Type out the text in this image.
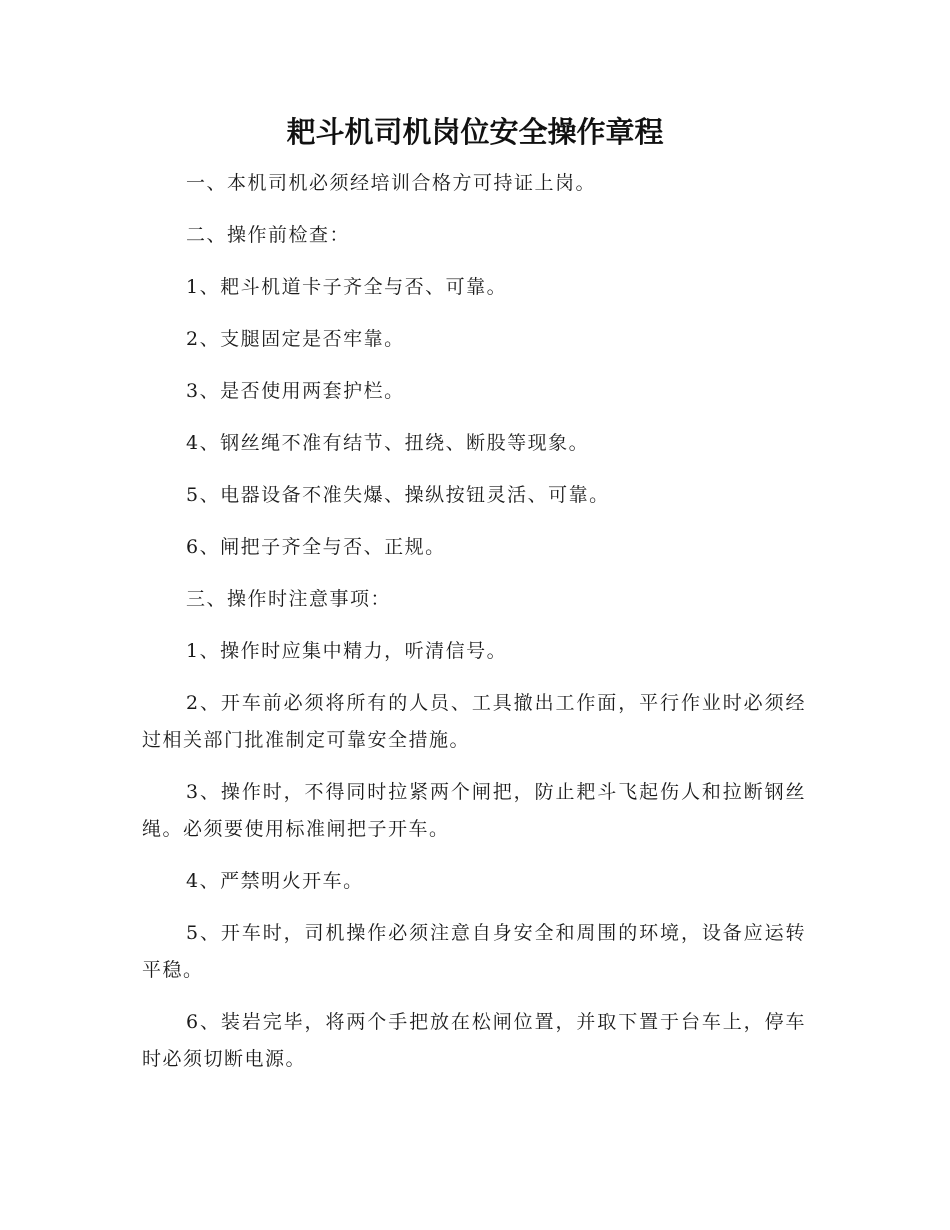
耙斗机司机岗位安全操作章程

一、本机司机必须经培训合格方可持证上岗。

二、操作前检查：

1、耙斗机道卡子齐全与否、可靠。

2、支腿固定是否牢靠。

3、是否使用两套护栏。

4、钢丝绳不准有结节、扭绕、断股等现象。

5、电器设备不准失爆、操纵按钮灵活、可靠。

6、闸把子齐全与否、正规。

三、操作时注意事项：

1、操作时应集中精力，听清信号。

2、开车前必须将所有的人员、工具撤出工作面，平行作业时必须经过相关部门批准制定可靠安全措施。

3、操作时，不得同时拉紧两个闸把，防止耙斗飞起伤人和拉断钢丝绳。必须要使用标准闸把子开车。

4、严禁明火开车。

5、开车时，司机操作必须注意自身安全和周围的环境，设备应运转平稳。

6、装岩完毕，将两个手把放在松闸位置，并取下置于台车上，停车时必须切断电源。
